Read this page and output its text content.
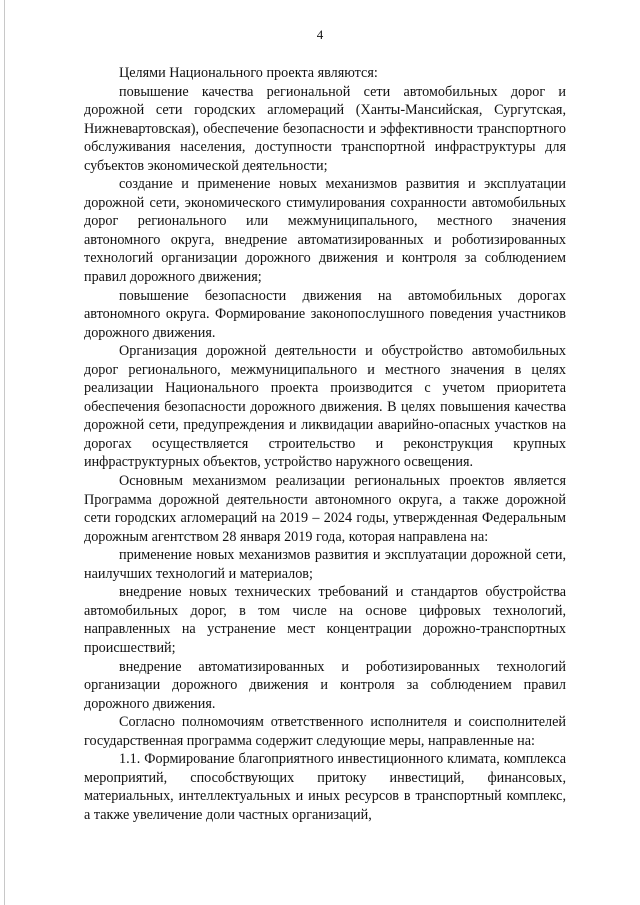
4

Целями Национального проекта являются:

повышение качества региональной сети автомобильных дорог и дорожной сети городских агломераций (Ханты-Мансийская, Сургутская, Нижневартовская), обеспечение безопасности и эффективности транспортного обслуживания населения, доступности транспортной инфраструктуры для субъектов экономической деятельности;

создание и применение новых механизмов развития и эксплуатации дорожной сети, экономического стимулирования сохранности автомобильных дорог регионального или межмуниципального, местного значения автономного округа, внедрение автоматизированных и роботизированных технологий организации дорожного движения и контроля за соблюдением правил дорожного движения;

повышение безопасности движения на автомобильных дорогах автономного округа. Формирование законопослушного поведения участников дорожного движения.

Организация дорожной деятельности и обустройство автомобильных дорог регионального, межмуниципального и местного значения в целях реализации Национального проекта производится с учетом приоритета обеспечения безопасности дорожного движения. В целях повышения качества дорожной сети, предупреждения и ликвидации аварийно-опасных участков на дорогах осуществляется строительство и реконструкция крупных инфраструктурных объектов, устройство наружного освещения.

Основным механизмом реализации региональных проектов является Программа дорожной деятельности автономного округа, а также дорожной сети городских агломераций на 2019 – 2024 годы, утвержденная Федеральным дорожным агентством 28 января 2019 года, которая направлена на:

применение новых механизмов развития и эксплуатации дорожной сети, наилучших технологий и материалов;

внедрение новых технических требований и стандартов обустройства автомобильных дорог, в том числе на основе цифровых технологий, направленных на устранение мест концентрации дорожно-транспортных происшествий;

внедрение автоматизированных и роботизированных технологий организации дорожного движения и контроля за соблюдением правил дорожного движения.

Согласно полномочиям ответственного исполнителя и соисполнителей государственная программа содержит следующие меры, направленные на:

1.1. Формирование благоприятного инвестиционного климата, комплекса мероприятий, способствующих притоку инвестиций, финансовых, материальных, интеллектуальных и иных ресурсов в транспортный комплекс, а также увеличение доли частных организаций,
